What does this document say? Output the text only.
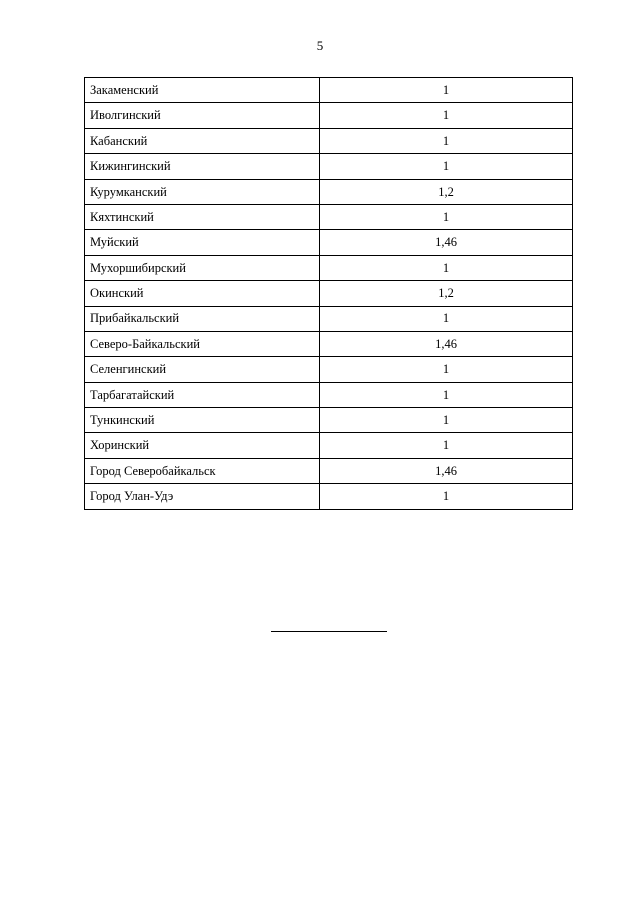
5
Закаменский	1
Иволгинский	1
Кабанский	1
Кижингинский	1
Курумканский	1,2
Кяхтинский	1
Муйский	1,46
Мухоршибирский	1
Окинский	1,2
Прибайкальский	1
Северо-Байкальский	1,46
Селенгинский	1
Тарбагатайский	1
Тункинский	1
Хоринский	1
Город Северобайкальск	1,46
Город Улан-Удэ	1
